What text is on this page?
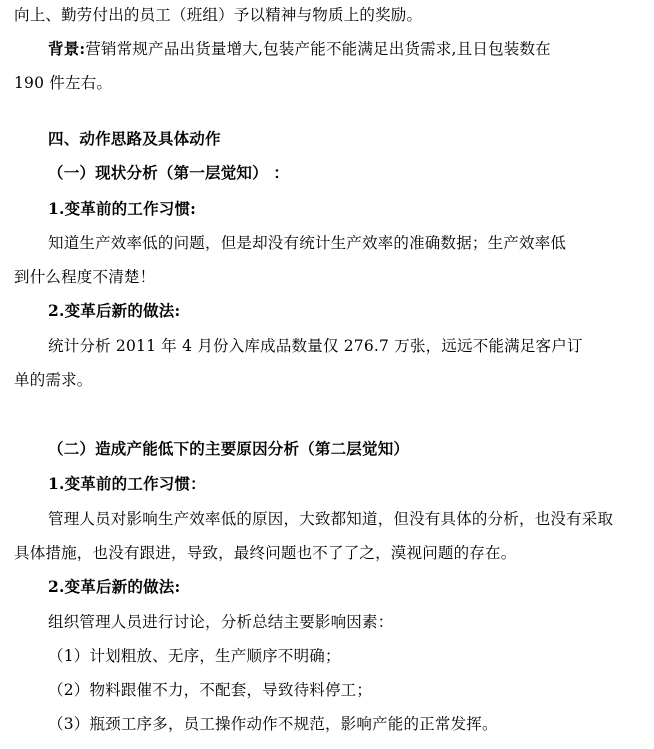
向上、勤劳付出的员工（班组）予以精神与物质上的奖励。
背景:营销常规产品出货量增大,包装产能不能满足出货需求,且日包装数在
190 件左右。
四、动作思路及具体动作
（一）现状分析（第一层觉知） ：
1.变革前的工作习惯:
知道生产效率低的问题，但是却没有统计生产效率的准确数据；生产效率低
到什么程度不清楚！
2.变革后新的做法:
统计分析 2011 年 4 月份入库成品数量仅 276.7 万张，远远不能满足客户订
单的需求。
（二）造成产能低下的主要原因分析（第二层觉知）
1.变革前的工作习惯：
管理人员对影响生产效率低的原因，大致都知道，但没有具体的分析，也没有采取
具体措施，也没有跟进，导致，最终问题也不了了之，漠视问题的存在。
2.变革后新的做法:
组织管理人员进行讨论，分析总结主要影响因素：
（1）计划粗放、无序，生产顺序不明确；
（2）物料跟催不力，不配套，导致待料停工；
（3）瓶颈工序多，员工操作动作不规范，影响产能的正常发挥。
